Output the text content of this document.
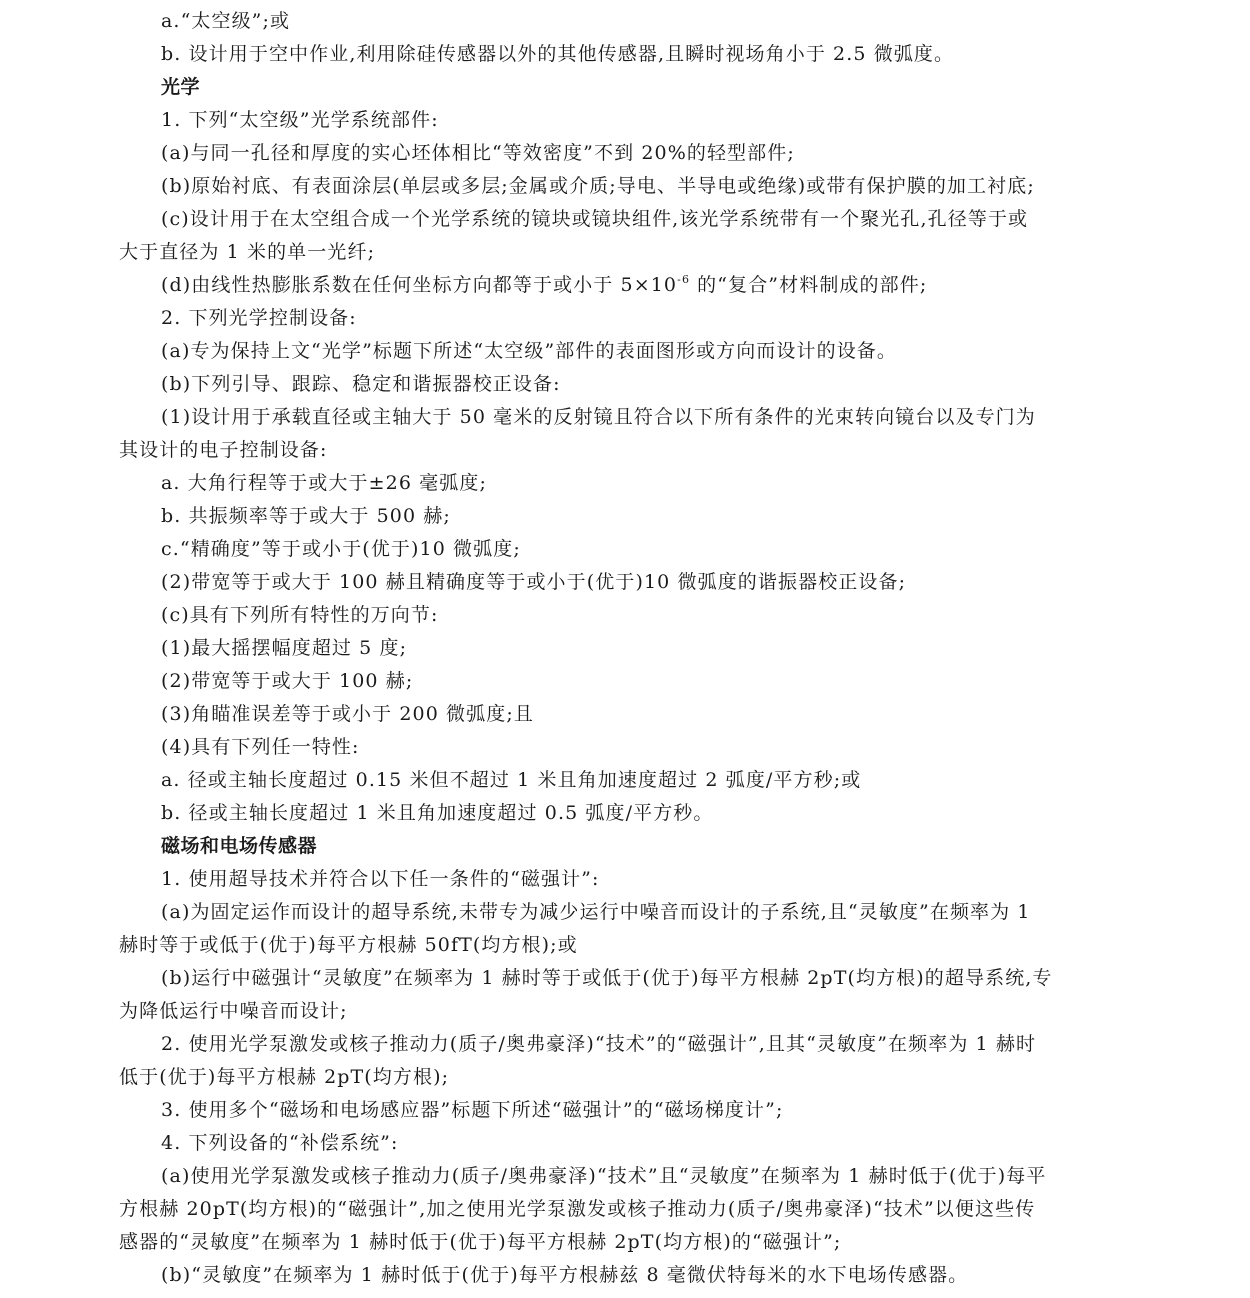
a.“太空级”;或
b. 设计用于空中作业,利用除硅传感器以外的其他传感器,且瞬时视场角小于 2.5 微弧度。
光学
1. 下列“太空级”光学系统部件:
(a)与同一孔径和厚度的实心坯体相比“等效密度”不到 20%的轻型部件;
(b)原始衬底、有表面涂层(单层或多层;金属或介质;导电、半导电或绝缘)或带有保护膜的加工衬底;
(c)设计用于在太空组合成一个光学系统的镜块或镜块组件,该光学系统带有一个聚光孔,孔径等于或
大于直径为 1 米的单一光纤;
(d)由线性热膨胀系数在任何坐标方向都等于或小于 $5\times 10^{-6}$ 的“复合”材料制成的部件;
2. 下列光学控制设备:
(a)专为保持上文“光学”标题下所述“太空级”部件的表面图形或方向而设计的设备。
(b)下列引导、跟踪、稳定和谐振器校正设备:
(1)设计用于承载直径或主轴大于 50 毫米的反射镜且符合以下所有条件的光束转向镜台以及专门为
其设计的电子控制设备:
a. 大角行程等于或大于±26 毫弧度;
b. 共振频率等于或大于 500 赫;
c.“精确度”等于或小于(优于)10 微弧度;
(2)带宽等于或大于 100 赫且精确度等于或小于(优于)10 微弧度的谐振器校正设备;
(c)具有下列所有特性的万向节:
(1)最大摇摆幅度超过 5 度;
(2)带宽等于或大于 100 赫;
(3)角瞄准误差等于或小于 200 微弧度;且
(4)具有下列任一特性:
a. 径或主轴长度超过 0.15 米但不超过 1 米且角加速度超过 2 弧度/平方秒;或
b. 径或主轴长度超过 1 米且角加速度超过 0.5 弧度/平方秒。
磁场和电场传感器
1. 使用超导技术并符合以下任一条件的“磁强计”:
(a)为固定运作而设计的超导系统,未带专为减少运行中噪音而设计的子系统,且“灵敏度”在频率为 1
赫时等于或低于(优于)每平方根赫 50fT(均方根);或
(b)运行中磁强计“灵敏度”在频率为 1 赫时等于或低于(优于)每平方根赫 2pT(均方根)的超导系统,专
为降低运行中噪音而设计;
2. 使用光学泵激发或核子推动力(质子/奥弗豪泽)“技术”的“磁强计”,且其“灵敏度”在频率为 1 赫时
低于(优于)每平方根赫 2pT(均方根);
3. 使用多个“磁场和电场感应器”标题下所述“磁强计”的“磁场梯度计”;
4. 下列设备的“补偿系统”:
(a)使用光学泵激发或核子推动力(质子/奥弗豪泽)“技术”且“灵敏度”在频率为 1 赫时低于(优于)每平
方根赫 20pT(均方根)的“磁强计”,加之使用光学泵激发或核子推动力(质子/奥弗豪泽)“技术”以便这些传
感器的“灵敏度”在频率为 1 赫时低于(优于)每平方根赫 2pT(均方根)的“磁强计”;
(b)“灵敏度”在频率为 1 赫时低于(优于)每平方根赫兹 8 毫微伏特每米的水下电场传感器。
